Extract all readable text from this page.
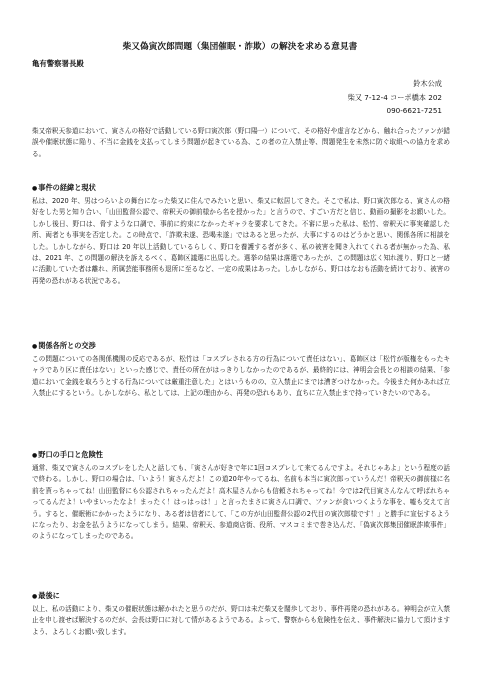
柴又偽寅次郎問題（集団催眠・詐欺）の解決を求める意見書
亀有警察署長殿
鈴木公成
柴又 7-12-4 コーポ橋本 202
090-6621-7251

柴又帝釈天参道において、寅さんの格好で活動している野口寅次郎（野口陽一）について、その格好や虚言などから、触れ合ったファンが錯誤や催眠状態に陥り、不当に金銭を支払ってしまう問題が起きている為、この者の立入禁止等、問題発生を未然に防ぐ取組への協力を求める。

●事件の経緯と現状

私は、2020 年、男はつらいよの舞台になった柴又に住んでみたいと思い、柴又に転居してきた。そこで私は、野口寅次郎なる、寅さんの格好をした男と知り合い、「山田監督公認で、帝釈天の御前様から名を授かった」と言うので、すごい方だと信じ、動画の撮影をお願いした。しかし後日、野口は、脅すような口調で、事前に約束になかったギャラを要求してきた。不審に思った私は、松竹、帝釈天に事実確認した所、両者とも事実を否定した。この時点で、「詐欺未遂、恐喝未遂」ではあると思ったが、大事にするのはどうかと思い、関係各所に相談をした。しかしながら、野口は 20 年以上活動しているらしく、野口を養護する者が多く、私の被害を聞き入れてくれる者が無かった為、私は、2021 年、この問題の解決を訴えるべく、葛飾区議選に出馬した。選挙の結果は落選であったが、この問題は広く知れ渡り、野口と一緒に活動していた者は離れ、所属芸能事務所も退所に至るなど、一定の成果はあった。しかしながら、野口はなおも活動を続けており、被害の再発の恐れがある状況である。

●関係各所との交渉

この問題についての各関係機関の反応であるが、松竹は「コスプレされる方の行為について責任はない」、葛飾区は「松竹が版権をもったキャラであり区に責任はない」といった感じで、責任の所在がはっきりしなかったのであるが、最終的には、神明会会長との相談の結果、「参道において金銭を取ろうとする行為については厳重注意した」とはいうものの、立入禁止にまでは漕ぎつけなかった。今後また何かあれば立入禁止にするという。しかしながら、私としては、上記の理由から、再発の恐れもあり、直ちに立入禁止まで持っていきたいのである。

●野口の手口と危険性

通常、柴又で寅さんのコスプレをした人と話しても、「寅さんが好きで年に1回コスプレして来てるんですよ。それじゃあよ」という程度の話で終わる。しかし、野口の場合は、「いよう！寅さんだよ！この道20年やってるね、名前も本当に寅次郎っていうんだ！帝釈天の御前様に名前を貰っちゃってね！山田監督にも公認されちゃったんだよ！高木屋さんからも信頼されちゃってね！今では2代目寅さんなんて呼ばれちゃってるんだよ！いやまいったなよ！まったく！はっはっは！」と言ったまさに寅さん口調で、ファンが食いつくような事を、嘘も交えて言う。すると、催眠術にかかったようになり、ある者は信者にして、「この方が山田監督公認の2代目の寅次郎様です！」と勝手に宣伝するようになったり、お金を払うようになってしまう。結果、帝釈天、参道商店街、役所、マスコミまで巻き込んだ、「偽寅次郎集団催眠詐欺事件」のようになってしまったのである。

●最後に

以上、私の活動により、柴又の催眠状態は解かれたと思うのだが、野口は未だ柴又を闊歩しており、事件再発の恐れがある。神明会が立入禁止を申し渡せば解決するのだが、会長は野口に対して情があるようである。よって、警察からも危険性を伝え、事件解決に協力して頂けますよう、よろしくお願い致します。
